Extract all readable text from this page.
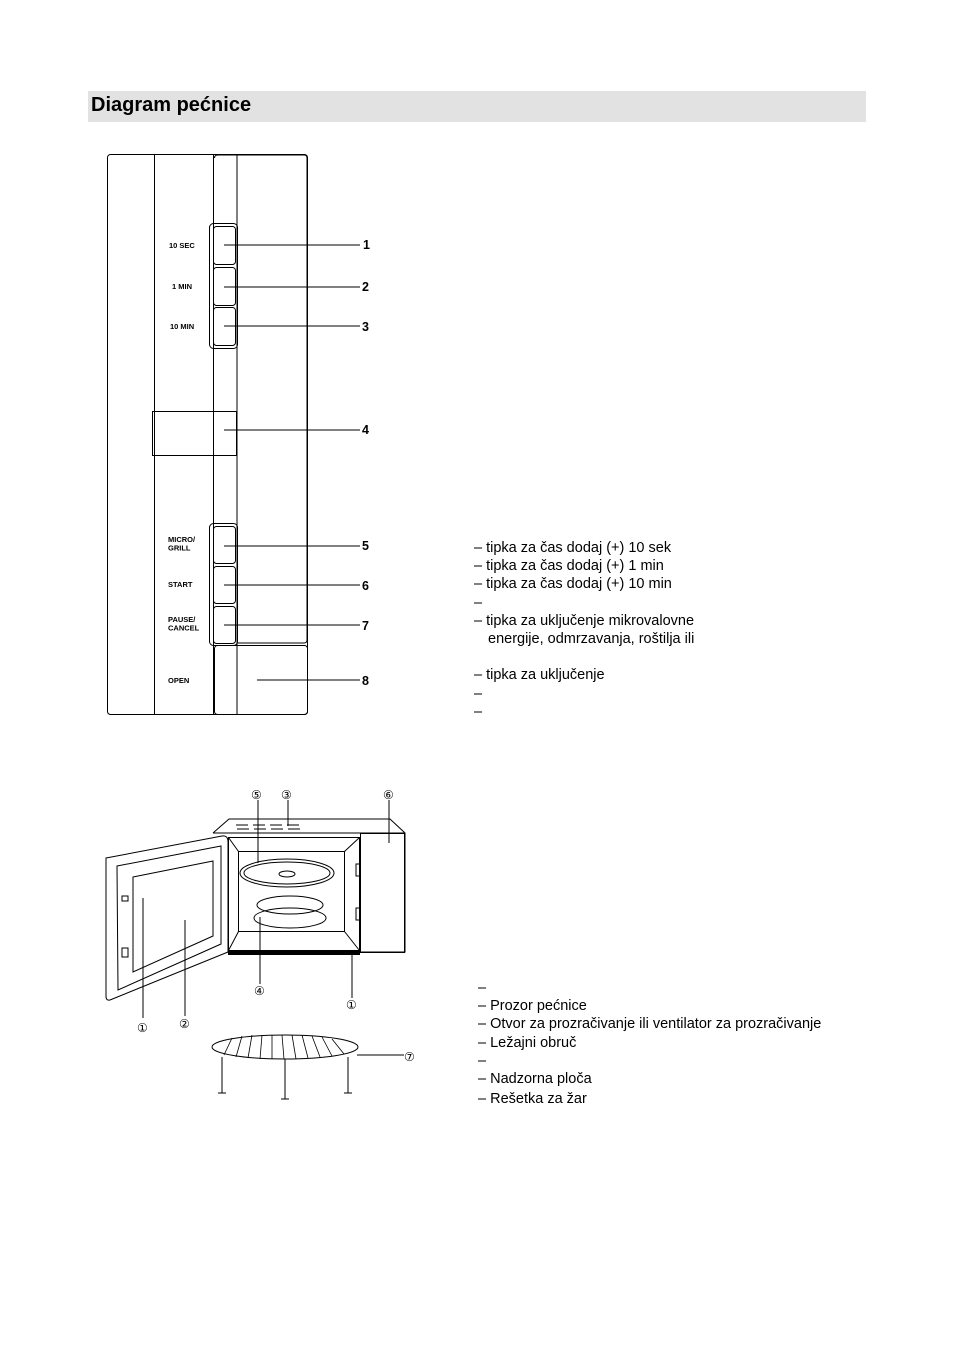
Diagram pećnice
10 SEC
1 MIN
10 MIN
MICRO/ GRILL
START
PAUSE/ CANCEL
OPEN
1
2
3
4
5
6
7
8
⑤ ③	⑥
④
①
①	②
⑦
– tipka za čas dodaj (+) 10 sek
– tipka za čas dodaj (+) 1 min
– tipka za čas dodaj (+) 10 min
–
– tipka za uključenje mikrovalovne
energije, odmrzavanja, roštilja ili

– tipka za uključenje
–
–
–
– Prozor pećnice
– Otvor za prozračivanje ili ventilator za prozračivanje
– Ležajni obruč
–
– Nadzorna ploča
– Rešetka za žar
